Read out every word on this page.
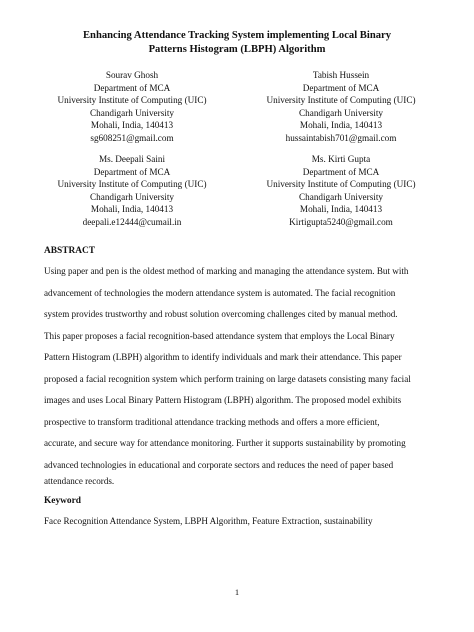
Enhancing Attendance Tracking System implementing Local Binary
Patterns Histogram (LBPH) Algorithm
Sourav Ghosh
Department of MCA
University Institute of Computing (UIC)
Chandigarh University
Mohali, India, 140413
sg608251@gmail.com
Tabish Hussein
Department of MCA
University Institute of Computing (UIC)
Chandigarh University
Mohali, India, 140413
hussaintabish701@gmail.com
Ms. Deepali Saini
Department of MCA
University Institute of Computing (UIC)
Chandigarh University
Mohali, India, 140413
deepali.e12444@cumail.in
Ms. Kirti Gupta
Department of MCA
University Institute of Computing (UIC)
Chandigarh University
Mohali, India, 140413
Kirtigupta5240@gmail.com
ABSTRACT
Using paper and pen is the oldest method of marking and managing the attendance system. But with
advancement of technologies the modern attendance system is automated. The facial recognition
system provides trustworthy and robust solution overcoming challenges cited by manual method.
This paper proposes a facial recognition-based attendance system that employs the Local Binary
Pattern Histogram (LBPH) algorithm to identify individuals and mark their attendance. This paper
proposed a facial recognition system which perform training on large datasets consisting many facial
images and uses Local Binary Pattern Histogram (LBPH) algorithm. The proposed model exhibits
prospective to transform traditional attendance tracking methods and offers a more efficient,
accurate, and secure way for attendance monitoring. Further it supports sustainability by promoting
advanced technologies in educational and corporate sectors and reduces the need of paper based
attendance records.
Keyword
Face Recognition Attendance System, LBPH Algorithm, Feature Extraction, sustainability
1
